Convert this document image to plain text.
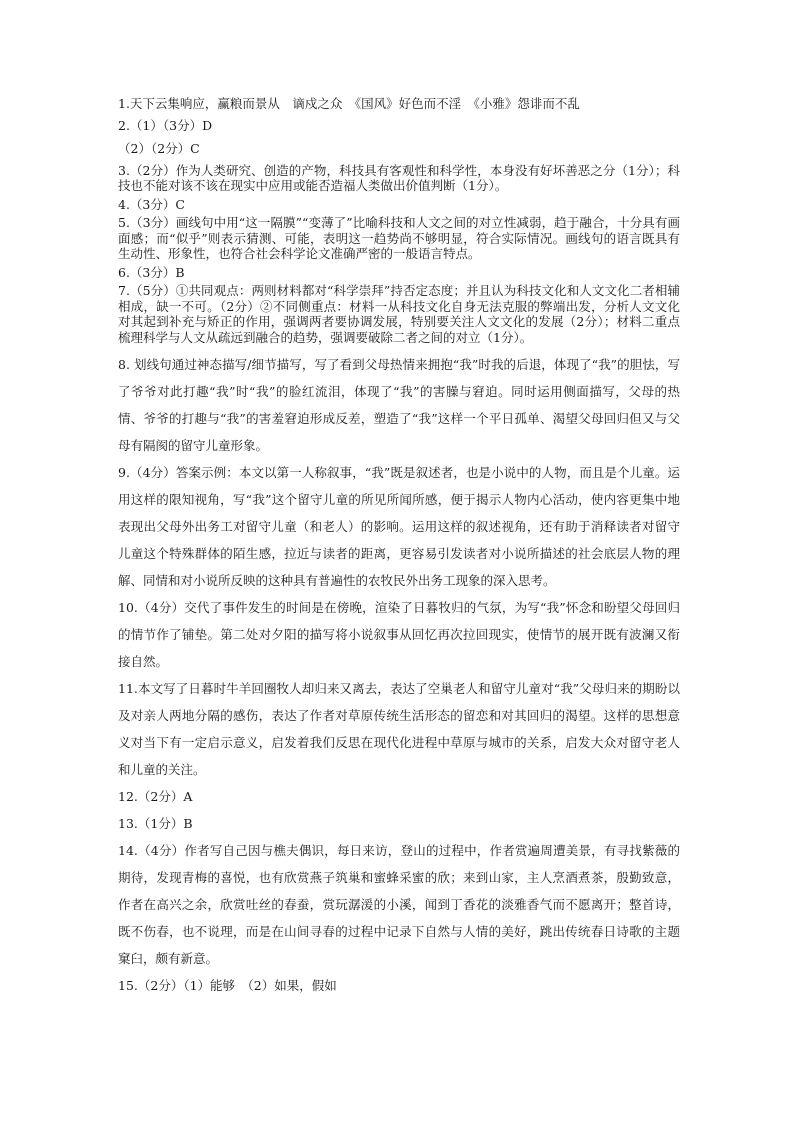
1.天下云集响应，赢粮而景从　谪戍之众　《国风》好色而不淫　《小雅》怨诽而不乱

2.（1）（3分）D

（2）（2分）C

3.（2分）作为人类研究、创造的产物，科技具有客观性和科学性，本身没有好坏善恶之分（1分）；科技也不能对该不该在现实中应用或能否造福人类做出价值判断（1分）。

4.（3分）C

5.（3分）画线句中用“这一隔膜”“变薄了”比喻科技和人文之间的对立性减弱，趋于融合，十分具有画面感；而“似乎”则表示猜测、可能，表明这一趋势尚不够明显，符合实际情况。画线句的语言既具有生动性、形象性，也符合社会科学论文准确严密的一般语言特点。

6.（3分）B

7.（5分）①共同观点：两则材料都对“科学崇拜”持否定态度；并且认为科技文化和人文文化二者相辅相成，缺一不可。（2分）②不同侧重点：材料一从科技文化自身无法克服的弊端出发，分析人文文化对其起到补充与矫正的作用，强调两者要协调发展，特别要关注人文文化的发展（2分）；材料二重点梳理科学与人文从疏远到融合的趋势，强调要破除二者之间的对立（1分）。

8. 划线句通过神态描写/细节描写，写了看到父母热情来拥抱“我”时我的后退，体现了“我”的胆怯，写了爷爷对此打趣“我”时“我”的脸红流泪，体现了“我”的害臊与窘迫。同时运用侧面描写，父母的热情、爷爷的打趣与“我”的害羞窘迫形成反差，塑造了“我”这样一个平日孤单、渴望父母回归但又与父母有隔阂的留守儿童形象。

9.（4分）答案示例：本文以第一人称叙事，“我”既是叙述者，也是小说中的人物，而且是个儿童。运用这样的限知视角，写“我”这个留守儿童的所见所闻所感，便于揭示人物内心活动，使内容更集中地表现出父母外出务工对留守儿童（和老人）的影响。运用这样的叙述视角，还有助于消释读者对留守儿童这个特殊群体的陌生感，拉近与读者的距离，更容易引发读者对小说所描述的社会底层人物的理解、同情和对小说所反映的这种具有普遍性的农牧民外出务工现象的深入思考。

10.（4分）交代了事件发生的时间是在傍晚，渲染了日暮牧归的气氛，为写“我”怀念和盼望父母回归的情节作了铺垫。第二处对夕阳的描写将小说叙事从回忆再次拉回现实，使情节的展开既有波澜又衔接自然。

11.本文写了日暮时牛羊回圈牧人却归来又离去，表达了空巢老人和留守儿童对“我”父母归来的期盼以及对亲人两地分隔的感伤，表达了作者对草原传统生活形态的留恋和对其回归的渴望。这样的思想意义对当下有一定启示意义，启发着我们反思在现代化进程中草原与城市的关系，启发大众对留守老人和儿童的关注。

12.（2分）A

13.（1分）B

14.（4分）作者写自己因与樵夫偶识，每日来访，登山的过程中，作者赏遍周遭美景，有寻找紫薇的期待，发现青梅的喜悦，也有欣赏燕子筑巢和蜜蜂采蜜的欣；来到山家，主人烹酒煮茶，殷勤致意，作者在高兴之余，欣赏吐丝的春蚕，赏玩潺湲的小溪，闻到丁香花的淡雅香气而不愿离开；整首诗，既不伤春，也不说理，而是在山间寻春的过程中记录下自然与人情的美好，跳出传统春日诗歌的主题窠臼，颇有新意。

15.（2分）（1）能够　（2）如果，假如
